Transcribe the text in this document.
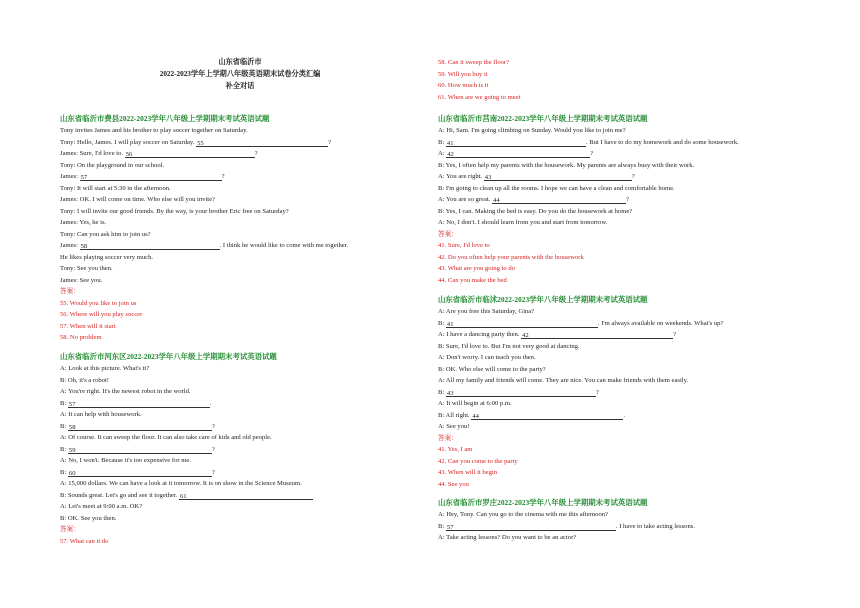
山东省临沂市
2022-2023学年上学期八年级英语期末试卷分类汇编
补全对话
山东省临沂市费县2022-2023学年八年级上学期期末考试英语试题
Tony invites James and his brother to play soccer together on Saturday.
Tony: Hello, James. I will play soccer on Saturday. 55	?
James: Sure, I'd love to. 56	?
Tony: On the playground in our school.
James: 57	?
Tony: It will start at 5:30 in the afternoon.
James: OK. I will come on time. Who else will you invite?
Tony: I will invite our good friends. By the way, is your brother Eric free on Saturday?
James: Yes, he is.
Tony: Can you ask him to join us?
James: 58	. I think he would like to come with me together.
He likes playing soccer very much.
Tony: See you then.
James: See you.
答案：
55. Would you like to join us
56. Where will you play soccer
57. When will it start
58. No problem
山东省临沂市河东区2022-2023学年八年级上学期期末考试英语试题
A: Look at this picture. What's it?
B: Oh, it's a robot!
A: You're right. It's the newest robot in the world.
B: 57	.
A: It can help with housework.
B: 58	?
A: Of course. It can sweep the floor. It can also take care of kids and old people.
B: 59	?
A: No, I won't. Because it's too expensive for me.
B: 60	?
A: 15,000 dollars. We can have a look at it tomorrow. It is on show in the Science Museum.
B: Sounds great. Let's go and see it together. 61
A: Let's meet at 9:00 a.m. OK?
B: OK. See you then.
答案：
57. What can it do
58. Can it sweep the floor?
59. Will you buy it
60. How much is it
61. When are we going to meet
山东省临沂市莒南2022-2023学年八年级上学期期末考试英语试题
A: Hi, Sam. I'm going climbing on Sunday. Would you like to join me?
B: 41	. But I have to do my homework and do some housework.
A: 42	?
B: Yes, I often help my parents with the housework. My parents are always busy with their work.
A: You are right. 43	?
B: I'm going to clean up all the rooms. I hope we can have a clean and comfortable home.
A: You are so great. 44	?
B: Yes, I can. Making the bed is easy. Do you do the housework at home?
A: No, I don't. I should learn from you and start from tomorrow.
答案：
41. Sure, I'd love to
42. Do you often help your parents with the housework
43. What are you going to do
44. Can you make the bed
山东省临沂市临沭2022-2023学年八年级上学期期末考试英语试题
A: Are you free this Saturday, Gina?
B: 41	. I'm always available on weekends. What's up?
A: I have a dancing party then. 42	?
B: Sure, I'd love to. But I'm not very good at dancing.
A: Don't worry. I can teach you then.
B: OK. Who else will come to the party?
A: All my family and friends will come. They are nice. You can make friends with them easily.
B: 43	?
A: It will begin at 6:00 p.m.
B: All right. 44	.
A: See you!
答案：
41. Yes, I am
42. Can you come to the party
43. When will it begin
44. See you
山东省临沂市罗庄2022-2023学年八年级上学期期末考试英语试题
A: Hey, Tony. Can you go to the cinema with me this afternoon?
B: 57	. I have to take acting lessons.
A: Take acting lessons? Do you want to be an actor?
